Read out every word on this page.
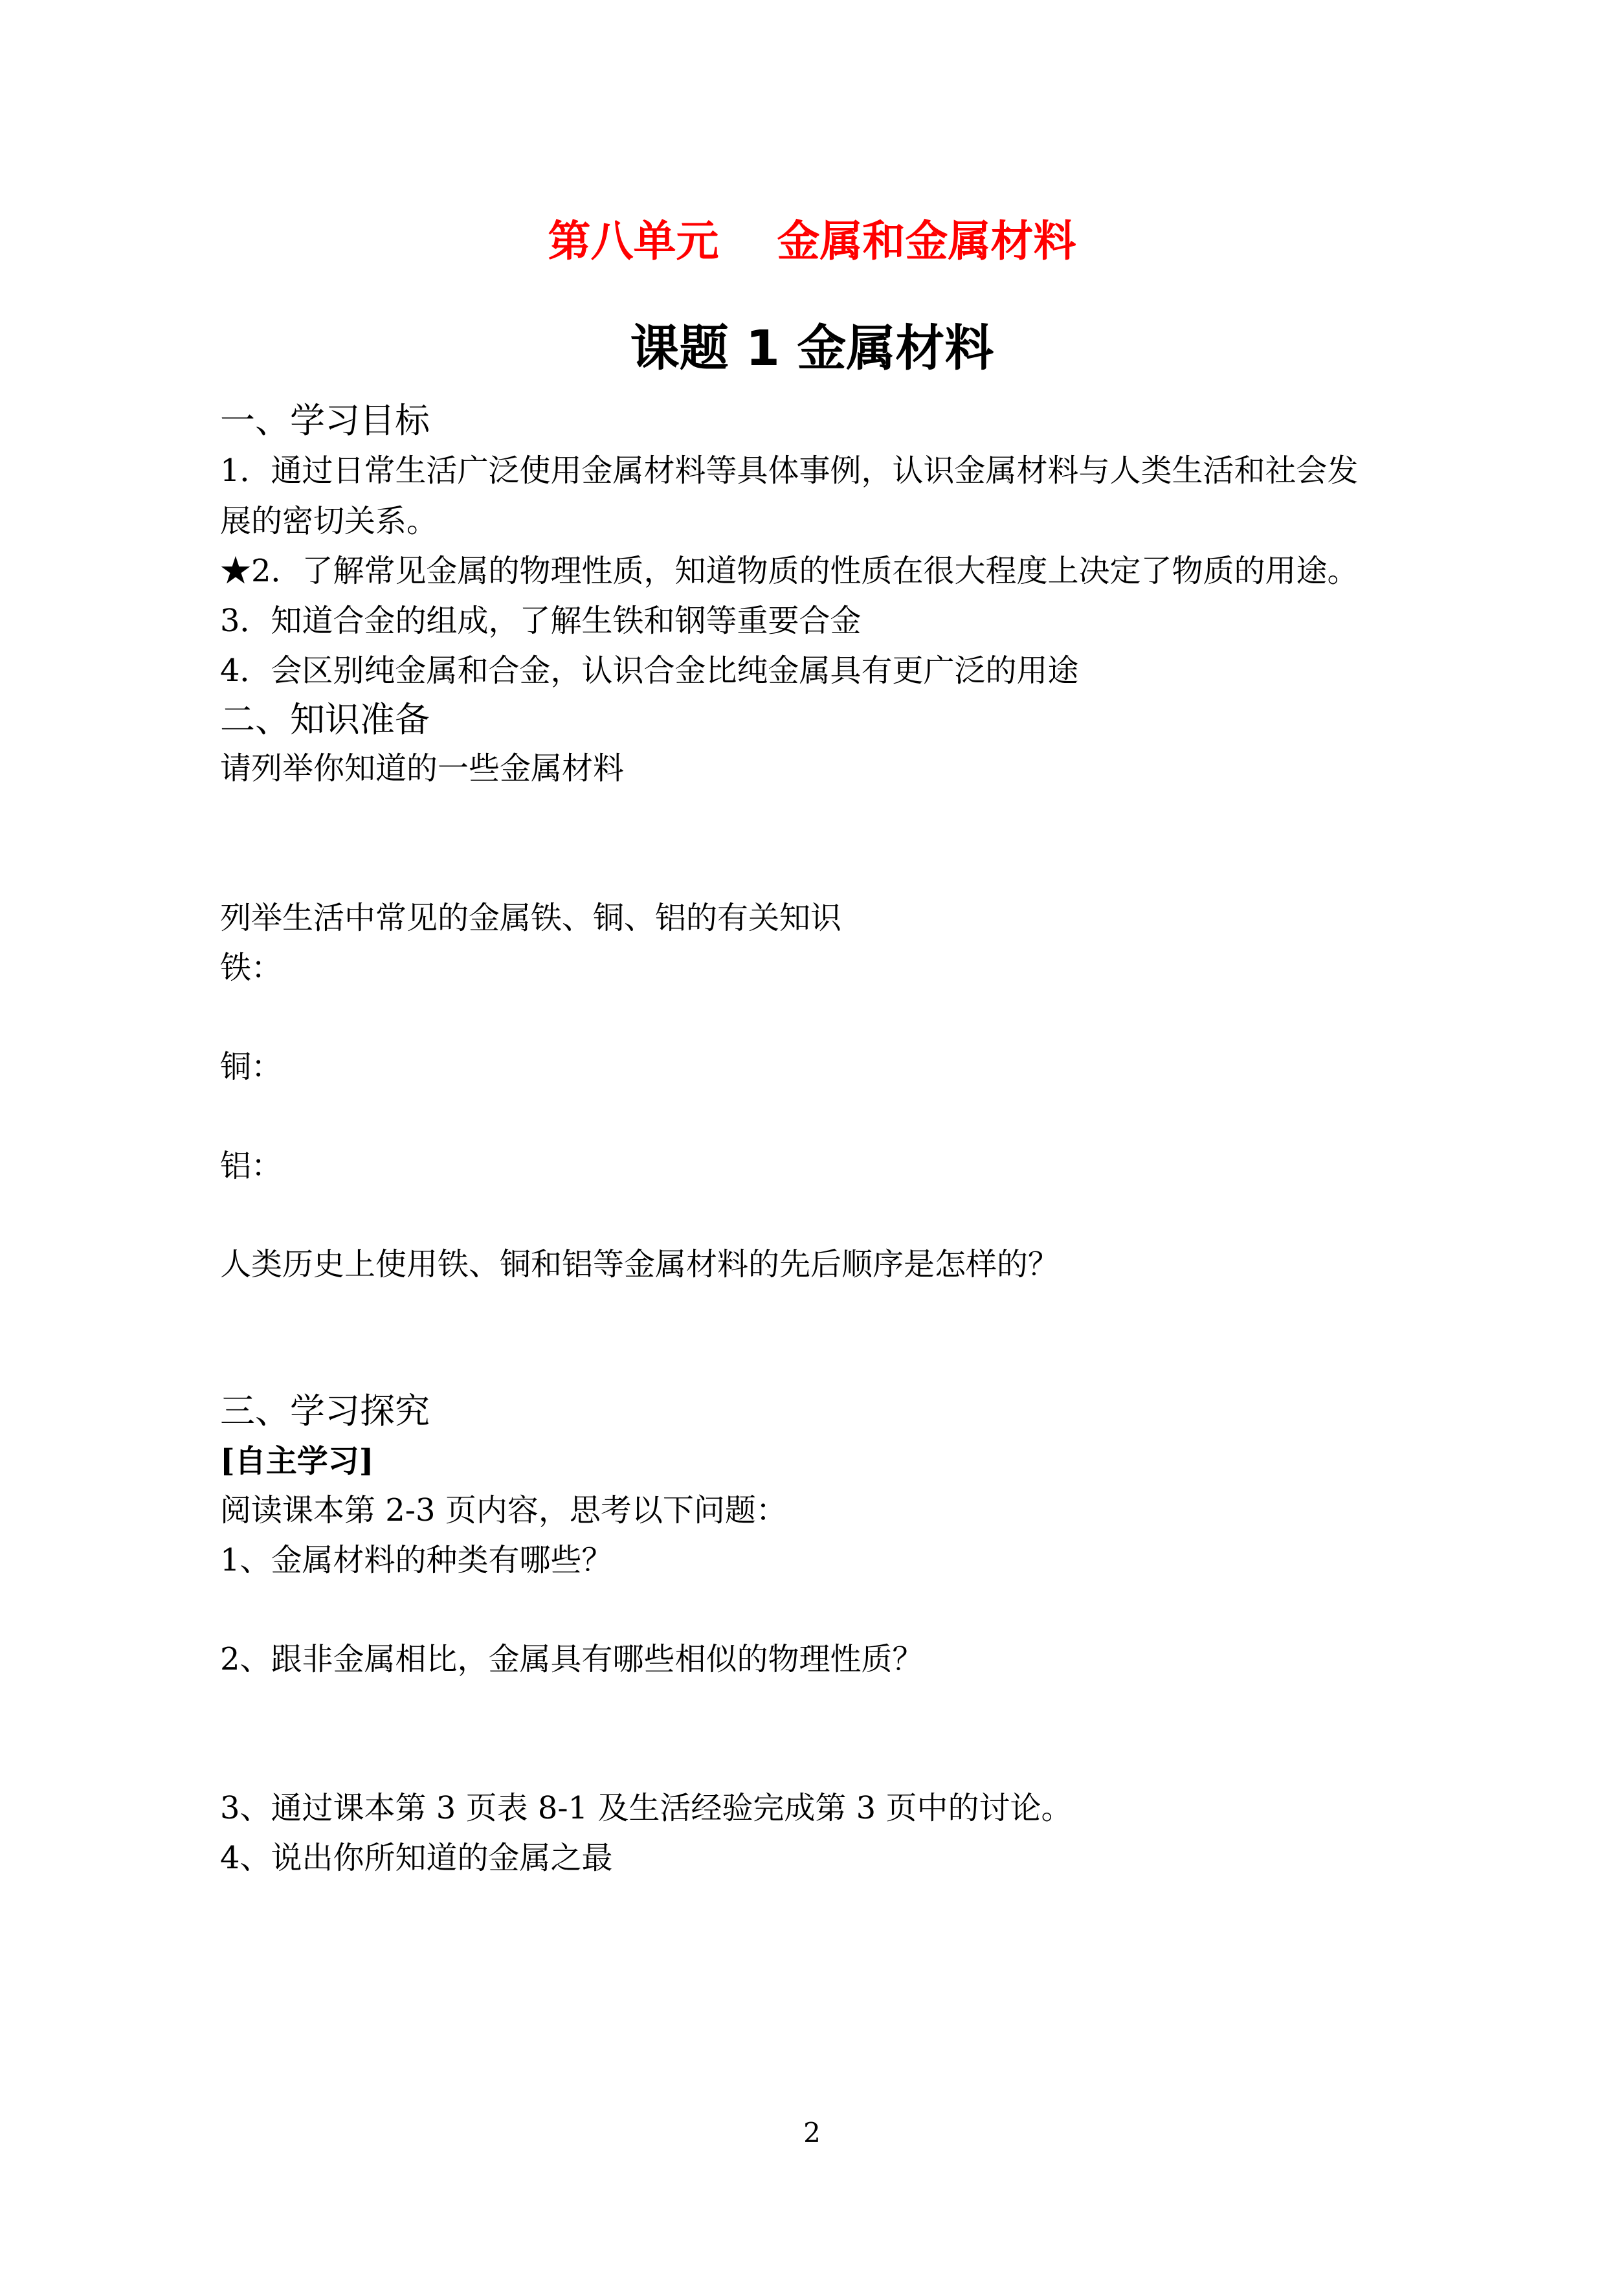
第八单元 金属和金属材料
课题 1 金属材料
一、学习目标
1．通过日常生活广泛使用金属材料等具体事例，认识金属材料与人类生活和社会发
展的密切关系。
★2．了解常见金属的物理性质，知道物质的性质在很大程度上决定了物质的用途。
3．知道合金的组成，了解生铁和钢等重要合金
4．会区别纯金属和合金，认识合金比纯金属具有更广泛的用途
二、知识准备
请列举你知道的一些金属材料
列举生活中常见的金属铁、铜、铝的有关知识
铁：
铜：
铝：
人类历史上使用铁、铜和铝等金属材料的先后顺序是怎样的？
三、学习探究
[自主学习]
阅读课本第 2-3 页内容，思考以下问题：
1、金属材料的种类有哪些？
2、跟非金属相比，金属具有哪些相似的物理性质？
3、通过课本第 3 页表 8-1 及生活经验完成第 3 页中的讨论。
4、说出你所知道的金属之最
2
